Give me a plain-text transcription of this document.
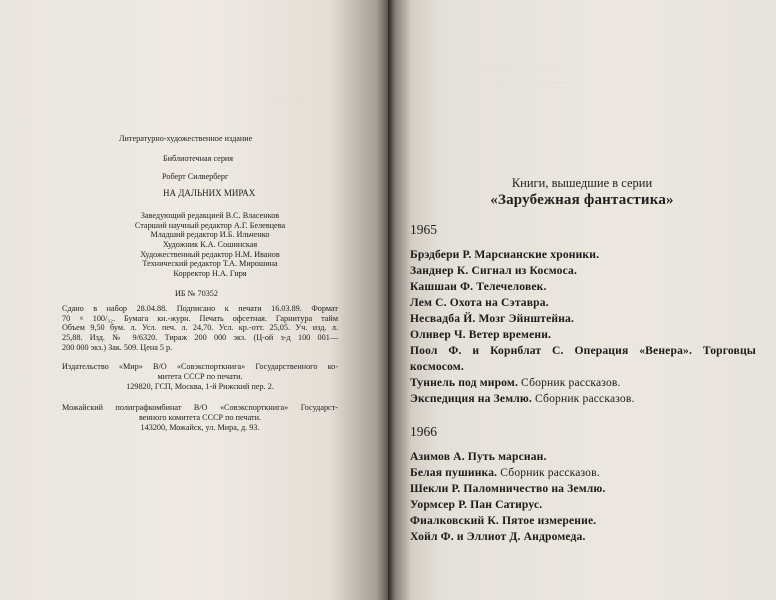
. . . . . . . .
Литературно-художественное издание
Библиотечная серия
Роберт Силверберг
НА ДАЛЬНИХ МИРАХ
Заведующий редакцией В.С. Власенков
Старший научный редактор А.Г. Белевцева
Младший редактор И.Б. Ильченко
Художник К.А. Сошинская
Художественный редактор Н.М. Иванов
Технический редактор Т.А. Мирошина
Корректор Н.А. Гиря
ИБ № 70352
Сдано в набор 28.04.88. Подписано к печати 16.03.89. Формат
70 × 100/₃₂. Бумага кн.-журн. Печать офсетная. Гарнитура тайм
Объем 9,50 бум. л. Усл. печ. л. 24,70. Усл. кр.-отт. 25,05. Уч. изд. л.
25,88. Изд. № 9/6320. Тираж 200 000 экз. (Ц-ой з-д 100 001—
200 000 экз.) Зак. 509. Цена 5 р.
Издательство «Мир» В/О «Совэкспорткнига» Государственного ко-
митета СССР по печати.
129820, ГСП, Москва, 1-й Рижский пер. 2.
Можайский полиграфкомбинат В/О «Совэкспорткнига» Государст-
венного комитета СССР по печати.
143200, Можайск, ул. Мира, д. 93.
. . . . . . . . . . . . . . . . . . . .
. . . . . . . . . . . . . . . .
Книги, вышедшие в серии
«Зарубежная фантастика»
1965
Брэдбери Р. Марсианские хроники.
Занднер К. Сигнал из Космоса.
Кашшаи Ф. Телечеловек.
Лем С. Охота на Сэтавра.
Несвадба Й. Мозг Эйнштейна.
Оливер Ч. Ветер времени.
Поол Ф. и Корнблат С. Операция «Венера». Торговцы
космосом.
Туннель под миром. Сборник рассказов.
Экспедиция на Землю. Сборник рассказов.
1966
Азимов А. Путь марсиан.
Белая пушинка. Сборник рассказов.
Шекли Р. Паломничество на Землю.
Уормсер Р. Пан Сатирус.
Фиалковский К. Пятое измерение.
Хойл Ф. и Эллиот Д. Андромеда.
